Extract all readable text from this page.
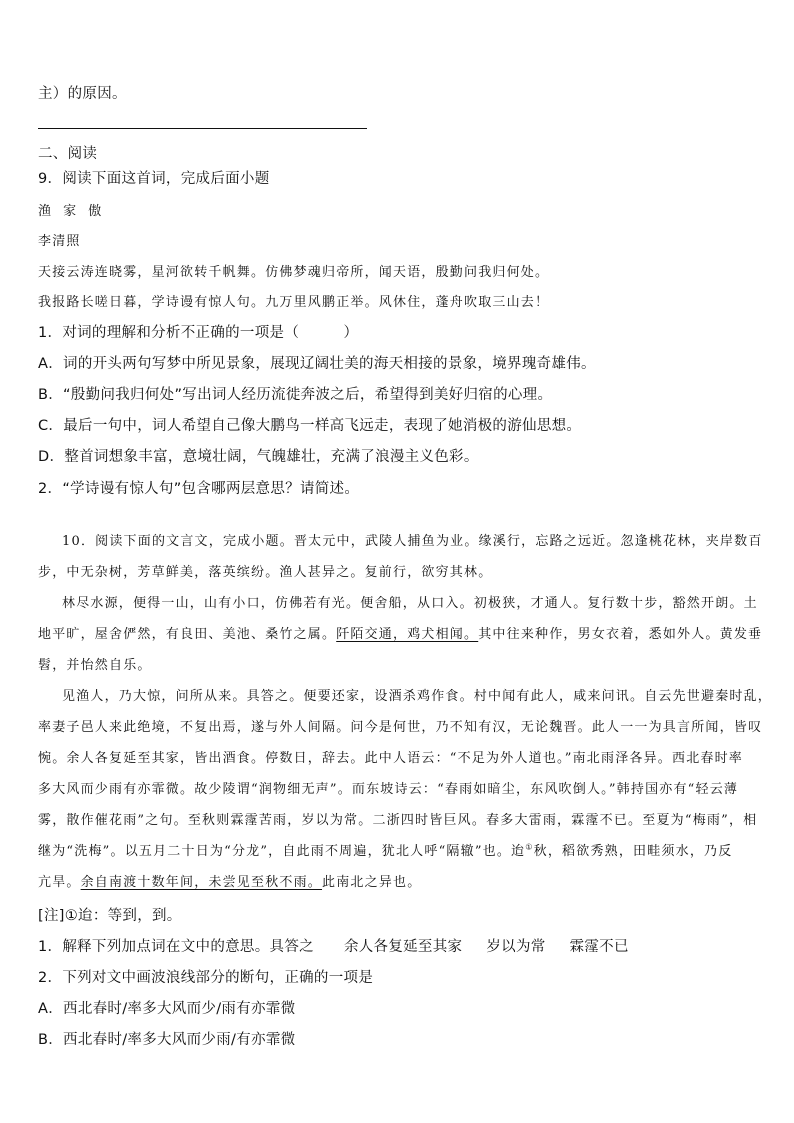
主）的原因。
二、阅读
9．阅读下面这首词，完成后面小题
渔 家 傲
李清照
天接云涛连晓雾，星河欲转千帆舞。仿佛梦魂归帝所，闻天语，殷勤问我归何处。
我报路长嗟日暮，学诗谩有惊人句。九万里风鹏正举。风休住，蓬舟吹取三山去！
1．对词的理解和分析不正确的一项是（　　　）
A．词的开头两句写梦中所见景象，展现辽阔壮美的海天相接的景象，境界瑰奇雄伟。
B．“殷勤问我归何处”写出词人经历流徙奔波之后，希望得到美好归宿的心理。
C．最后一句中，词人希望自己像大鹏鸟一样高飞远走，表现了她消极的游仙思想。
D．整首词想象丰富，意境壮阔，气魄雄壮，充满了浪漫主义色彩。
2．“学诗谩有惊人句”包含哪两层意思？请简述。
10．阅读下面的文言文，完成小题。晋太元中，武陵人捕鱼为业。缘溪行，忘路之远近。忽逢桃花林，夹岸数百
步，中无杂树，芳草鲜美，落英缤纷。渔人甚异之。复前行，欲穷其林。
林尽水源，便得一山，山有小口，仿佛若有光。便舍船，从口入。初极狭，才通人。复行数十步，豁然开朗。土
地平旷，屋舍俨然，有良田、美池、桑竹之属。阡陌交通，鸡犬相闻。其中往来种作，男女衣着，悉如外人。黄发垂
髫，并怡然自乐。
见渔人，乃大惊，问所从来。具答之。便要还家，设酒杀鸡作食。村中闻有此人，咸来问讯。自云先世避秦时乱，
率妻子邑人来此绝境，不复出焉，遂与外人间隔。问今是何世，乃不知有汉，无论魏晋。此人一一为具言所闻，皆叹
惋。余人各复延至其家，皆出酒食。停数日，辞去。此中人语云：“不足为外人道也。”南北雨泽各异。西北春时率
多大风而少雨有亦霏微。故少陵谓“润物细无声”。而东坡诗云：“春雨如暗尘，东风吹倒人。”韩持国亦有“轻云薄
雾，散作催花雨”之句。至秋则霖霪苦雨，岁以为常。二浙四时皆巨风。春多大雷雨，霖霪不已。至夏为“梅雨”，相
继为“洗梅”。以五月二十日为“分龙”，自此雨不周遍，犹北人呼“隔辙”也。迨①秋，稻欲秀熟，田畦须水，乃反
亢旱。余自南渡十数年间，未尝见至秋不雨。此南北之异也。
[注]①迨：等到，到。
1．解释下列加点词在文中的意思。具答之 余人各复延至其家 岁以为常 霖霪不已
2．下列对文中画波浪线部分的断句，正确的一项是
A．西北春时/率多大风而少/雨有亦霏微
B．西北春时/率多大风而少雨/有亦霏微
